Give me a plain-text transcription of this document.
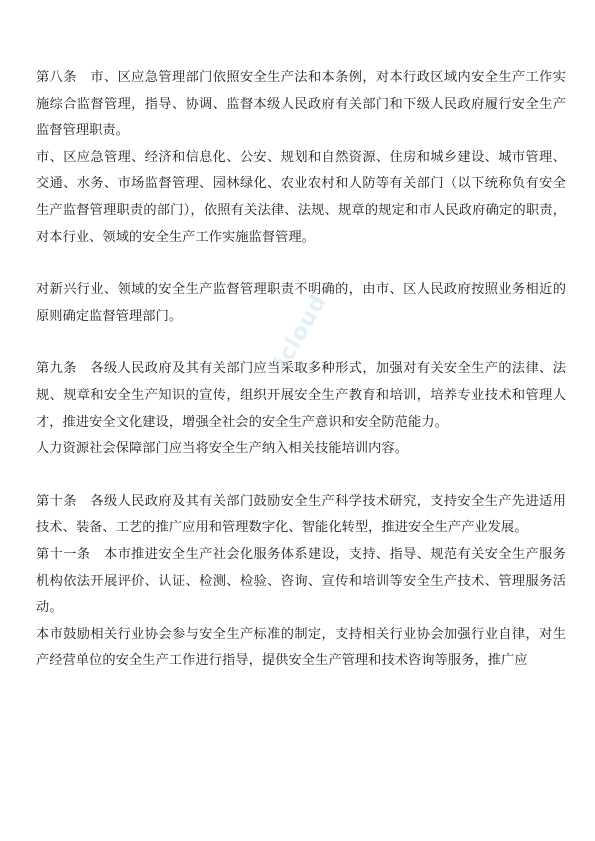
icloud

第八条　市、区应急管理部门依照安全生产法和本条例，对本行政区域内安全生产工作实施综合监督管理，指导、协调、监督本级人民政府有关部门和下级人民政府履行安全生产监督管理职责。

市、区应急管理、经济和信息化、公安、规划和自然资源、住房和城乡建设、城市管理、交通、水务、市场监督管理、园林绿化、农业农村和人防等有关部门（以下统称负有安全生产监督管理职责的部门），依照有关法律、法规、规章的规定和市人民政府确定的职责，对本行业、领域的安全生产工作实施监督管理。

对新兴行业、领域的安全生产监督管理职责不明确的，由市、区人民政府按照业务相近的原则确定监督管理部门。

第九条　各级人民政府及其有关部门应当采取多种形式，加强对有关安全生产的法律、法规、规章和安全生产知识的宣传，组织开展安全生产教育和培训，培养专业技术和管理人才，推进安全文化建设，增强全社会的安全生产意识和安全防范能力。

人力资源社会保障部门应当将安全生产纳入相关技能培训内容。

第十条　各级人民政府及其有关部门鼓励安全生产科学技术研究，支持安全生产先进适用技术、装备、工艺的推广应用和管理数字化、智能化转型，推进安全生产产业发展。

第十一条　本市推进安全生产社会化服务体系建设，支持、指导、规范有关安全生产服务机构依法开展评价、认证、检测、检验、咨询、宣传和培训等安全生产技术、管理服务活动。

本市鼓励相关行业协会参与安全生产标准的制定，支持相关行业协会加强行业自律，对生产经营单位的安全生产工作进行指导，提供安全生产管理和技术咨询等服务，推广应
